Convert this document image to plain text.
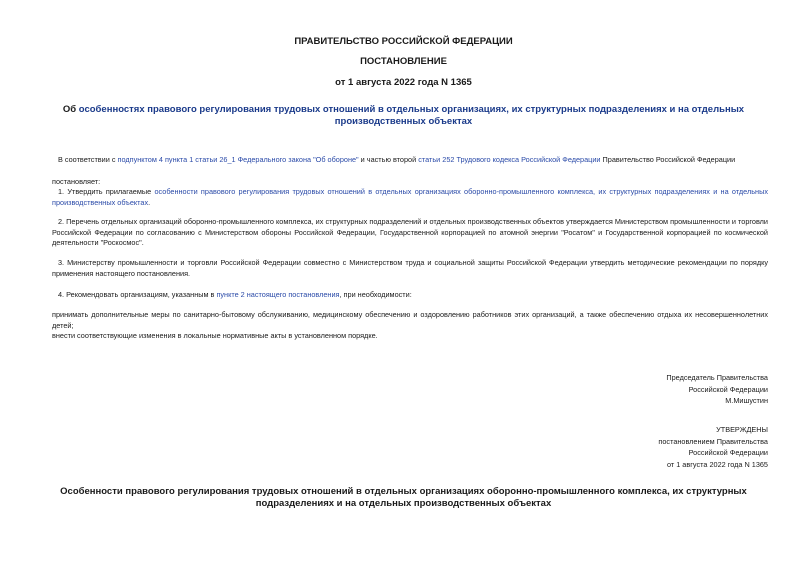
ПРАВИТЕЛЬСТВО РОССИЙСКОЙ ФЕДЕРАЦИИ
ПОСТАНОВЛЕНИЕ
от 1 августа 2022 года N 1365
Об особенностях правового регулирования трудовых отношений в отдельных организациях, их структурных подразделениях и на отдельных производственных объектах
В соответствии с подпунктом 4 пункта 1 статьи 26_1 Федерального закона "Об обороне" и частью второй статьи 252 Трудового кодекса Российской Федерации Правительство Российской Федерации
постановляет:
1. Утвердить прилагаемые особенности правового регулирования трудовых отношений в отдельных организациях оборонно-промышленного комплекса, их структурных подразделениях и на отдельных производственных объектах.
2. Перечень отдельных организаций оборонно-промышленного комплекса, их структурных подразделений и отдельных производственных объектов утверждается Министерством промышленности и торговли Российской Федерации по согласованию с Министерством обороны Российской Федерации, Государственной корпорацией по атомной энергии "Росатом" и Государственной корпорацией по космической деятельности "Роскосмос".
3. Министерству промышленности и торговли Российской Федерации совместно с Министерством труда и социальной защиты Российской Федерации утвердить методические рекомендации по порядку применения настоящего постановления.
4. Рекомендовать организациям, указанным в пункте 2 настоящего постановления, при необходимости:
принимать дополнительные меры по санитарно-бытовому обслуживанию, медицинскому обеспечению и оздоровлению работников этих организаций, а также обеспечению отдыха их несовершеннолетних детей;
внести соответствующие изменения в локальные нормативные акты в установленном порядке.
Председатель Правительства
Российской Федерации
М.Мишустин
УТВЕРЖДЕНЫ
постановлением Правительства
Российской Федерации
от 1 августа 2022 года N 1365
Особенности правового регулирования трудовых отношений в отдельных организациях оборонно-промышленного комплекса, их структурных подразделениях и на отдельных производственных объектах
